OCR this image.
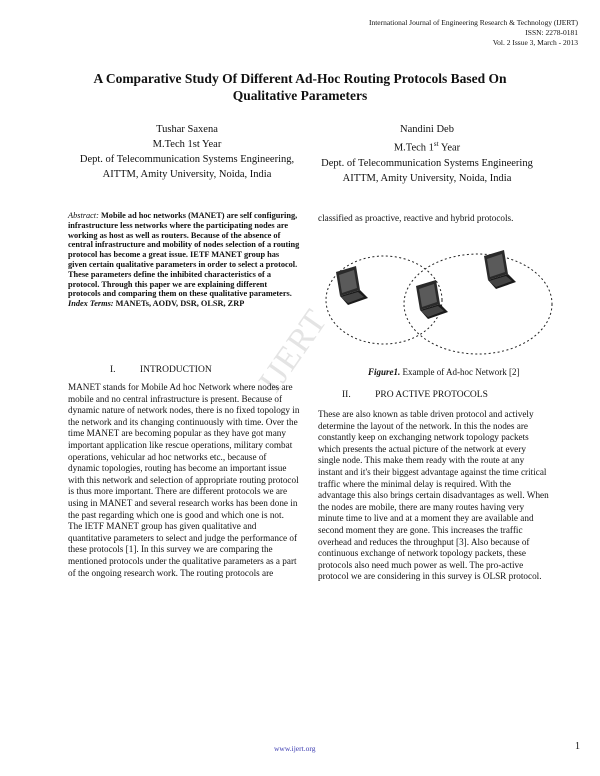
International Journal of Engineering Research & Technology (IJERT)
ISSN: 2278-0181
Vol. 2 Issue 3, March - 2013
A Comparative Study Of Different Ad-Hoc Routing Protocols Based On
Qualitative Parameters
Tushar Saxena
M.Tech 1st Year
Dept. of Telecommunication Systems Engineering,
AITTM, Amity University, Noida, India
Nandini Deb
M.Tech 1st Year
Dept. of Telecommunication Systems Engineering
AITTM, Amity University, Noida, India
Abstract: Mobile ad hoc networks (MANET) are self configuring, infrastructure less networks where the participating nodes are working as host as well as routers. Because of the absence of central infrastructure and mobility of nodes selection of a routing protocol has become a great issue. IETF MANET group has given certain qualitative parameters in order to select a protocol. These parameters define the inhibited characteristics of a protocol. Through this paper we are explaining different protocols and comparing them on these qualitative parameters.
Index Terms: MANETs, AODV, DSR, OLSR, ZRP IJERT
I.	INTRODUCTION
MANET stands for Mobile Ad hoc Network where nodes are mobile and no central infrastructure is present. Because of dynamic nature of network nodes, there is no fixed topology in the network and its changing continuously with time. Over the time MANET are becoming popular as they have got many important application like rescue operations, military combat operations, vehicular ad hoc networks etc., because of dynamic topologies, routing has become an important issue with this network and selection of appropriate routing protocol is thus more important. There are different protocols we are using in MANET and several research works has been done in the past regarding which one is good and which one is not. The IETF MANET group has given qualitative and quantitative parameters to select and judge the performance of these protocols [1]. In this survey we are comparing the mentioned protocols under the qualitative parameters as a part of the ongoing research work. The routing protocols are
classified as proactive, reactive and hybrid protocols.
Figure1. Example of Ad-hoc Network [2]
II.	PRO ACTIVE PROTOCOLS
These are also known as table driven protocol and actively determine the layout of the network. In this the nodes are constantly keep on exchanging network topology packets which presents the actual picture of the network at every single node. This make them ready with the route at any instant and it's their biggest advantage against the time critical traffic where the minimal delay is required. With the advantage this also brings certain disadvantages as well. When the nodes are mobile, there are many routes having very minute time to live and at a moment they are available and second moment they are gone. This increases the traffic overhead and reduces the throughput [3]. Also because of continuous exchange of network topology packets, these protocols also need much power as well. The pro-active protocol we are considering in this survey is OLSR protocol.
www.ijert.org	1
